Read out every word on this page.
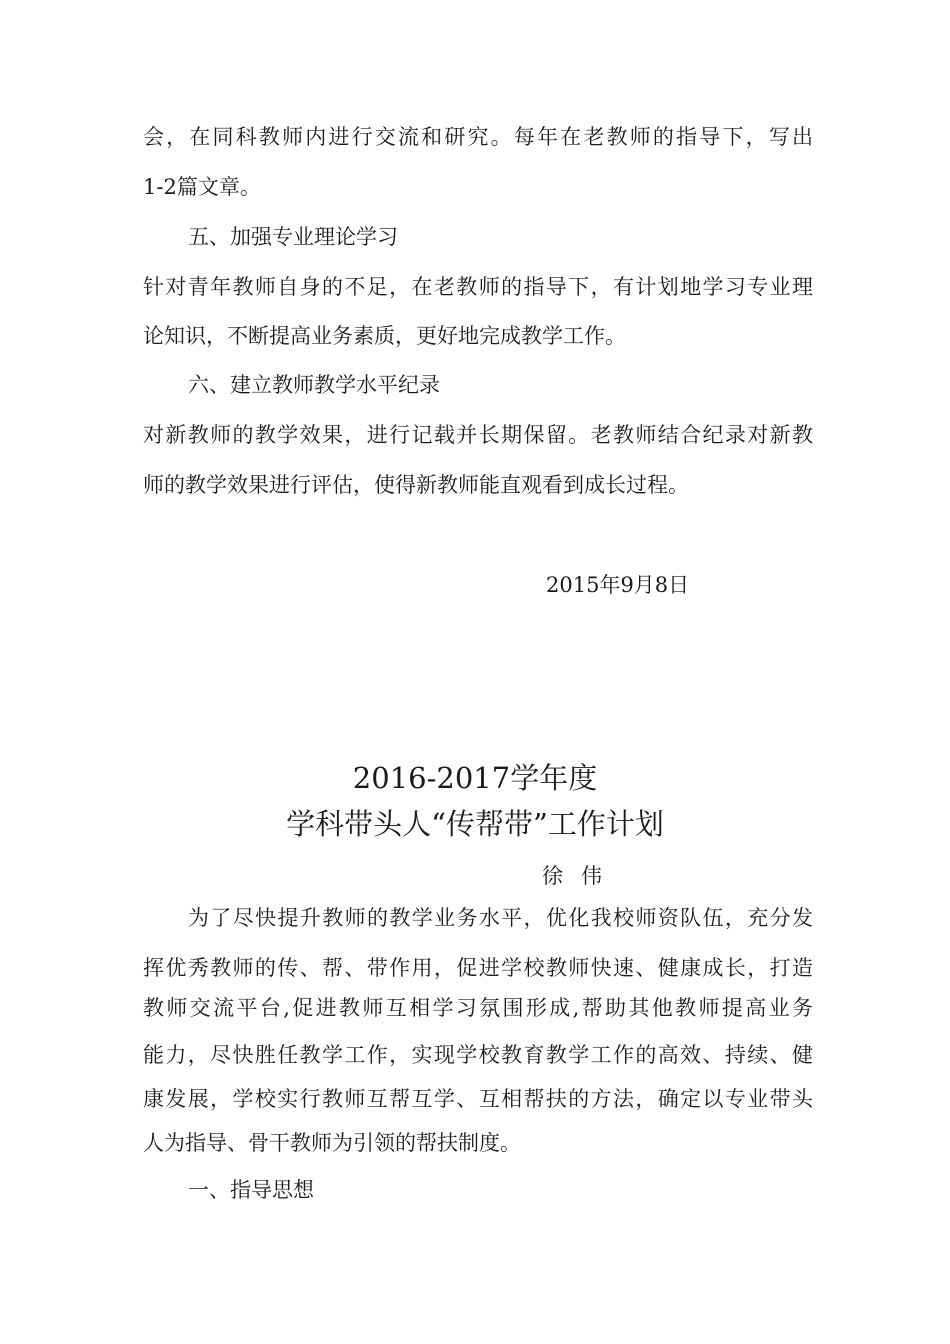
会，在同科教师内进行交流和研究。每年在老教师的指导下，写出
1-2篇文章。
五、加强专业理论学习
针对青年教师自身的不足，在老教师的指导下，有计划地学习专业理
论知识，不断提高业务素质，更好地完成教学工作。
六、建立教师教学水平纪录
对新教师的教学效果，进行记载并长期保留。老教师结合纪录对新教
师的教学效果进行评估，使得新教师能直观看到成长过程。
2015年9月8日
2016-2017学年度
学科带头人“传帮带”工作计划
徐伟
为了尽快提升教师的教学业务水平，优化我校师资队伍，充分发
挥优秀教师的传、帮、带作用，促进学校教师快速、健康成长，打造
教师交流平台,促进教师互相学习氛围形成,帮助其他教师提高业务
能力，尽快胜任教学工作，实现学校教育教学工作的高效、持续、健
康发展，学校实行教师互帮互学、互相帮扶的方法，确定以专业带头
人为指导、骨干教师为引领的帮扶制度。
一、指导思想
